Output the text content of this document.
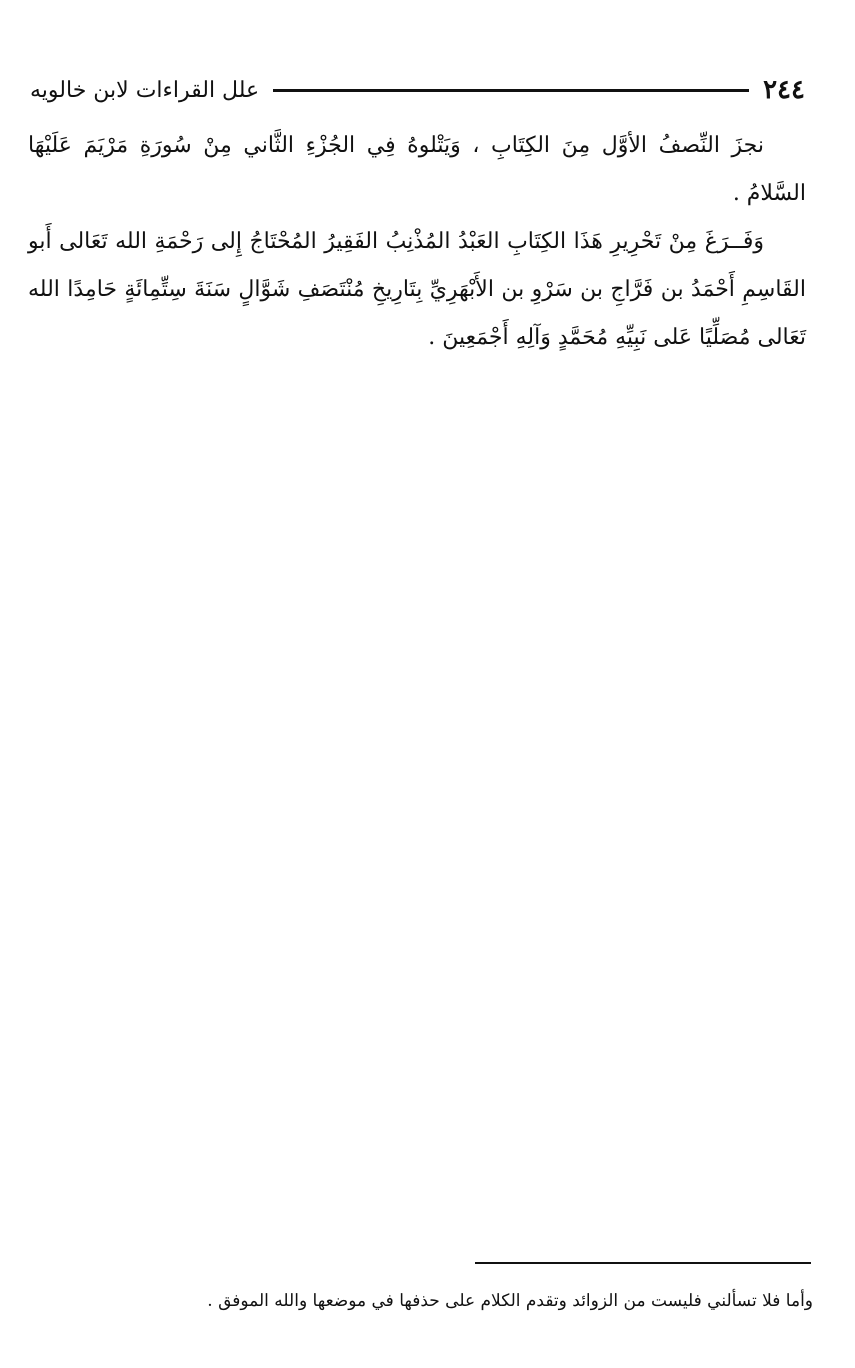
٢٤٤
علل القراءات لابن خالويه

نجزَ النِّصفُ الأوَّل مِنَ الكِتَابِ ، وَيَتْلوهُ فِي الجُزْءِ الثَّاني مِنْ سُورَةِ مَرْيَمَ عَلَيْهَا السَّلامُ .

وَفَــرَغَ مِنْ تَحْرِيرِ هَذَا الكِتَابِ العَبْدُ المُذْنِبُ الفَقِيرُ المُحْتَاجُ إِلى رَحْمَةِ الله تَعَالى أَبو القَاسِمِ أَحْمَدُ بن فَرَّاجِ بن سَرْوِ بن الأَبْهَرِيِّ بِتَارِيخِ مُنْتَصَفِ شَوَّالٍ سَنَةَ سِتِّمِائَةٍ حَامِدًا الله تَعَالى مُصَلِّيًا عَلى نَبِيِّهِ مُحَمَّدٍ وَآلِهِ أَجْمَعِينَ .

وأما فلا تسألني فليست من الزوائد وتقدم الكلام على حذفها في موضعها والله الموفق .
